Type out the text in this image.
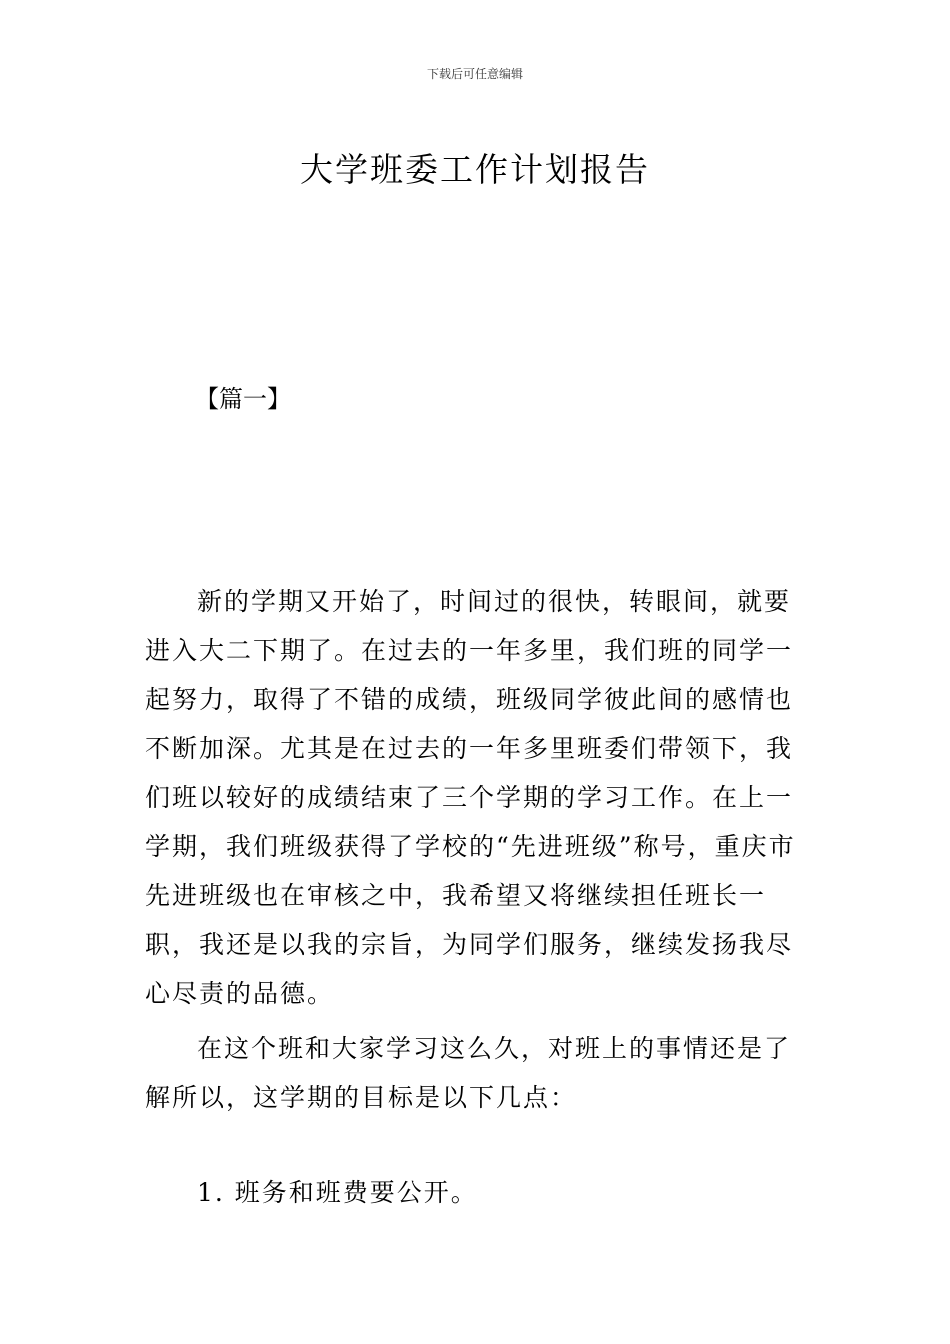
下载后可任意编辑
大学班委工作计划报告
【篇一】

新的学期又开始了，时间过的很快，转眼间，就要进入大二下期了。在过去的一年多里，我们班的同学一起努力，取得了不错的成绩，班级同学彼此间的感情也不断加深。尤其是在过去的一年多里班委们带领下，我们班以较好的成绩结束了三个学期的学习工作。在上一学期，我们班级获得了学校的“先进班级”称号，重庆市先进班级也在审核之中，我希望又将继续担任班长一职，我还是以我的宗旨，为同学们服务，继续发扬我尽心尽责的品德。

在这个班和大家学习这么久，对班上的事情还是了解所以，这学期的目标是以下几点：

1. 班务和班费要公开。
